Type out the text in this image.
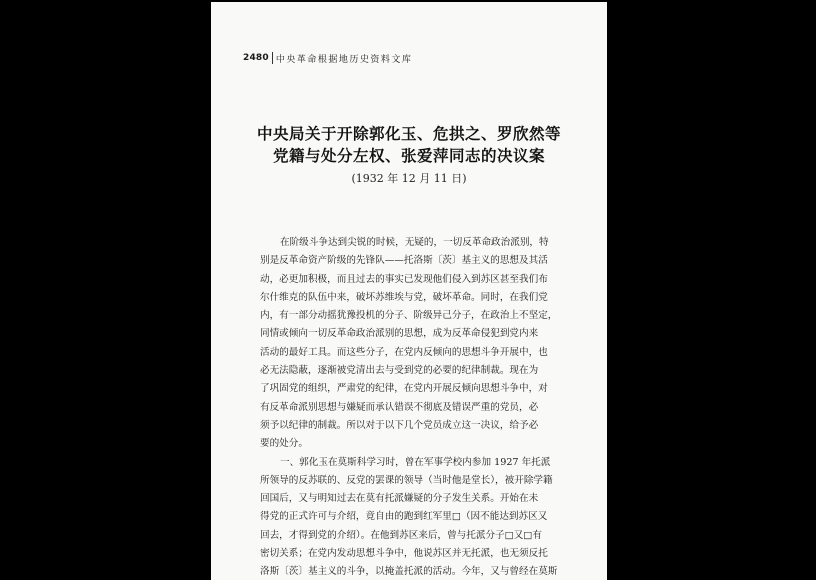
2480 中央革命根据地历史资料文库
中央局关于开除郭化玉、危拱之、罗欣然等
党籍与处分左权、张爱萍同志的决议案
(1932 年 12 月 11 日)

在阶级斗争达到尖锐的时候，无疑的，一切反革命政治派别，特
别是反革命资产阶级的先锋队——托洛斯〔茨〕基主义的思想及其活
动，必更加积极，而且过去的事实已发现他们侵入到苏区甚至我们布
尔什维克的队伍中来，破坏苏维埃与党，破坏革命。同时，在我们党
内，有一部分动摇犹豫投机的分子、阶级异己分子，在政治上不坚定，
同情或倾向一切反革命政治派别的思想，成为反革命侵犯到党内来
活动的最好工具。而这些分子，在党内反倾向的思想斗争开展中，也
必无法隐蔽，逐渐被党清出去与受到党的必要的纪律制裁。现在为
了巩固党的组织，严肃党的纪律，在党内开展反倾向思想斗争中，对
有反革命派别思想与嫌疑而承认错误不彻底及错误严重的党员，必
须予以纪律的制裁。所以对于以下几个党员成立这一决议，给予必
要的处分。

一、郭化玉在莫斯科学习时，曾在军事学校内参加 1927 年托派
所领导的反苏联的、反党的罢课的领导（当时他是堂长），被开除学籍
回国后，又与明知过去在莫有托派嫌疑的分子发生关系。开始在未
得党的正式许可与介绍，竟自由的跑到红军里□（因不能达到苏区又
回去，才得到党的介绍）。在他到苏区来后，曾与托派分子□又□有
密切关系；在党内发动思想斗争中，他说苏区并无托派，也无须反托
洛斯〔茨〕基主义的斗争，以掩盖托派的活动。今年，又与曾经在莫斯
